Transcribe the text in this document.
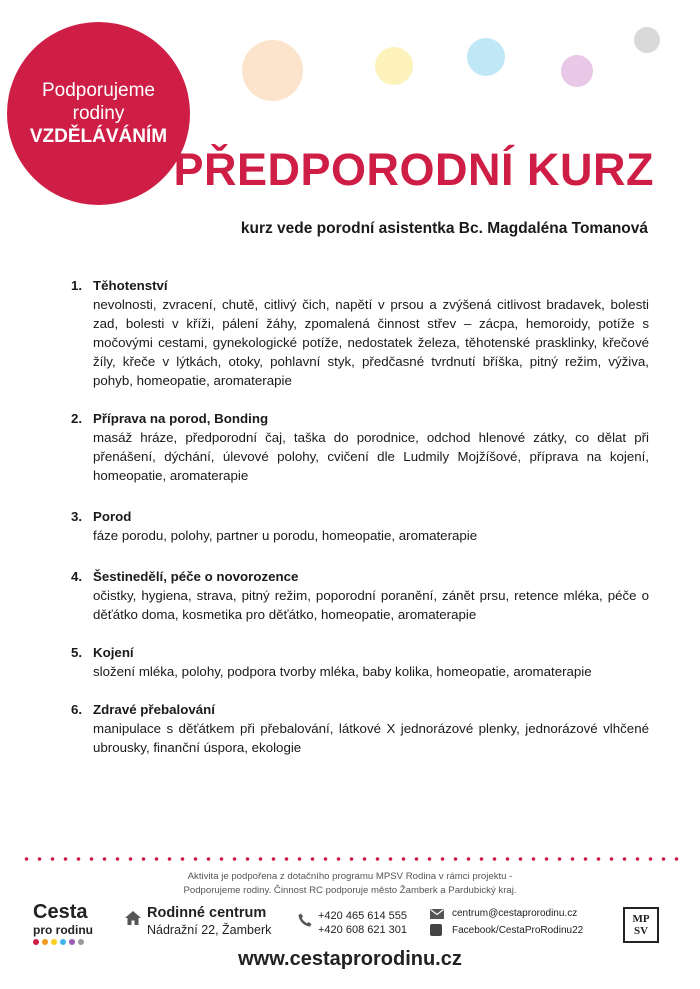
Podporujeme
rodiny
VZDĚLÁVÁNÍM
PŘEDPORODNÍ KURZ
kurz vede porodní asistentka Bc. Magdaléna Tomanová
1. Těhotenství
nevolnosti, zvracení, chutě, citlivý čich, napětí v prsou a zvýšená citlivost bradavek, bolesti zad, bolesti v kříži, pálení žáhy, zpomalená činnost střev – zácpa, hemoroidy, potíže s močovými cestami, gynekologické potíže, nedostatek železa, těhotenské prasklinky, křečové žíly, křeče v lýtkách, otoky, pohlavní styk, předčasné tvrdnutí bříška, pitný režim, výživa, pohyb, homeopatie, aromaterapie
2. Příprava na porod, Bonding
masáž hráze, předporodní čaj, taška do porodnice, odchod hlenové zátky, co dělat při přenášení, dýchání, úlevové polohy, cvičení dle Ludmily Mojžíšové, příprava na kojení, homeopatie, aromaterapie
3. Porod
fáze porodu, polohy, partner u porodu, homeopatie, aromaterapie
4. Šestinedělí, péče o novorozence
očistky, hygiena, strava, pitný režim, poporodní poranění, zánět prsu, retence mléka, péče o děťátko doma, kosmetika pro děťátko, homeopatie, aromaterapie
5. Kojení
složení mléka, polohy, podpora tvorby mléka, baby kolika, homeopatie, aromaterapie
6. Zdravé přebalování
manipulace s děťátkem při přebalování, látkové X jednorázové plenky, jednorázové vlhčené ubrousky, finanční úspora, ekologie
Aktivita je podpořena z dotačního programu MPSV Rodina v rámci projektu -
Podporujeme rodiny. Činnost RC podporuje město Žamberk a Pardubický kraj.
Cesta
pro rodinu
Rodinné centrum
Nádražní 22, Žamberk
+420 465 614 555
+420 608 621 301
centrum@cestaprorodinu.cz
Facebook/CestaProRodinu22
MP
SV
www.cestaprorodinu.cz
